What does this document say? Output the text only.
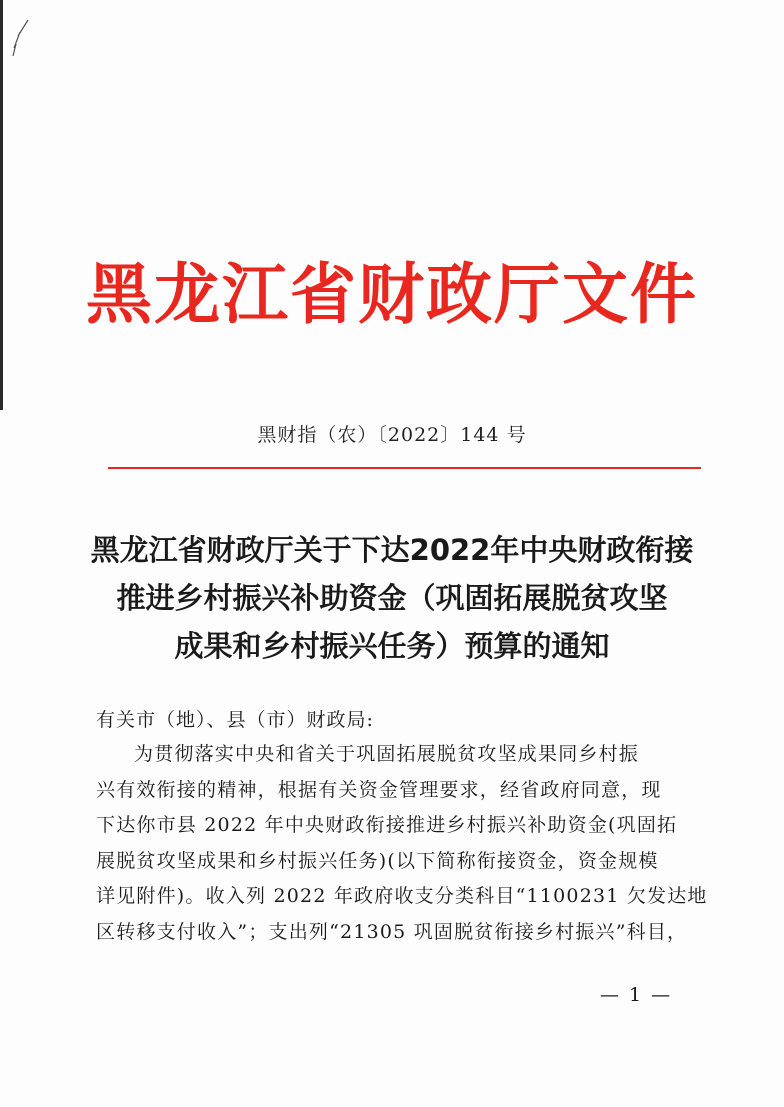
黑龙江省财政厅文件
黑财指（农）〔2022〕144 号
黑龙江省财政厅关于下达2022年中央财政衔接
推进乡村振兴补助资金（巩固拓展脱贫攻坚
成果和乡村振兴任务）预算的通知
有关市（地）、县（市）财政局:
为贯彻落实中央和省关于巩固拓展脱贫攻坚成果同乡村振
兴有效衔接的精神，根据有关资金管理要求，经省政府同意，现
下达你市县 2022 年中央财政衔接推进乡村振兴补助资金(巩固拓
展脱贫攻坚成果和乡村振兴任务)(以下简称衔接资金，资金规模
详见附件)。收入列 2022 年政府收支分类科目“1100231 欠发达地
区转移支付收入”；支出列“21305 巩固脱贫衔接乡村振兴”科目，
— 1 —
